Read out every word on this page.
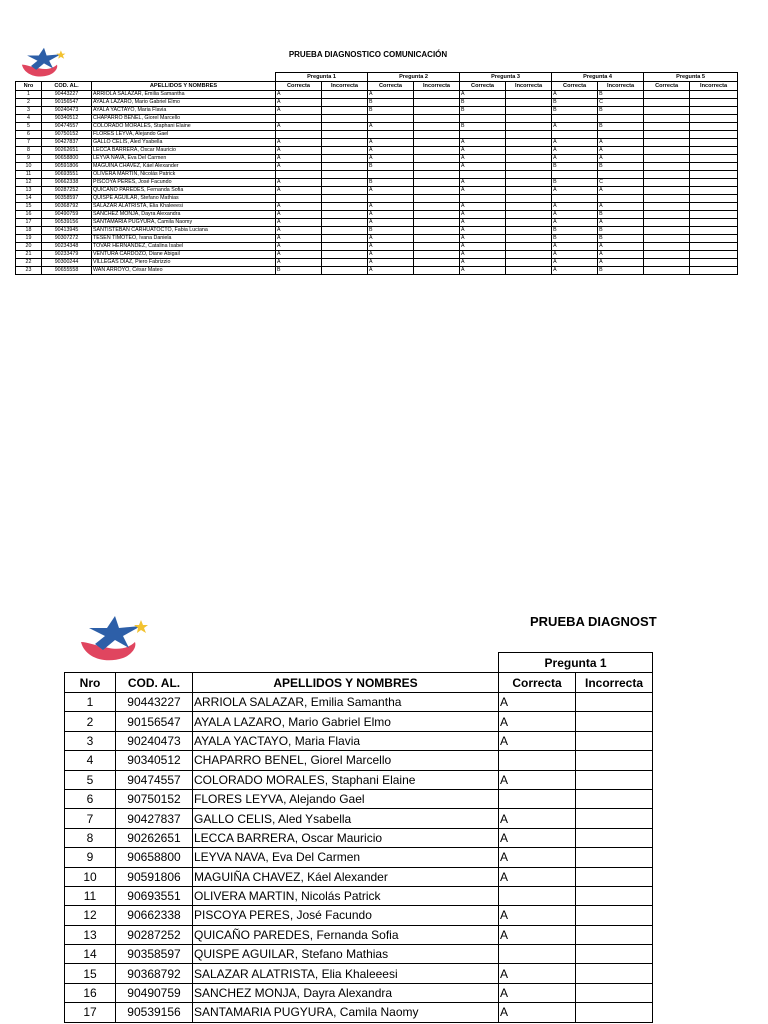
PRUEBA DIAGNOSTICO COMUNICACIÓN
			Pregunta 1		Pregunta 2		Pregunta 3		Pregunta 4		Pregunta 5	
Nro	COD. AL.	APELLIDOS Y NOMBRES	Correcta	Incorrecta	Correcta	Incorrecta	Correcta	Incorrecta	Correcta	Incorrecta	Correcta	Incorrecta
1	90443227	ARRIOLA SALAZAR, Emilia Samantha	A		A		A		A	B		
2	90156547	AYALA LAZARO, Mario Gabriel Elmo	A		B		B		B	C		
3	90240473	AYALA YACTAYO, Maria Flavia	A		B		B		B	B		
4	90340512	CHAPARRO BENEL, Giorel Marcello										
5	90474557	COLORADO MORALES, Staphani Elaine	A		A		B		A	B		
6	90750152	FLORES LEYVA, Alejando Gael										
7	90427837	GALLO CELIS, Aled Ysabella	A		A		A		A	A		
8	90262651	LECCA BARRERA, Oscar Mauricio	A		A		A		A	A		
9	90658800	LEYVA NAVA, Eva Del Carmen	A		A		A		A	A		
10	90591806	MAGUIÑA CHAVEZ, Káel Alexander	A		B		A		B	B		
11	90693551	OLIVERA MARTIN, Nicolás Patrick										
12	90662338	PISCOYA PERES, José Facundo	A		B		A		B	C		
13	90287252	QUICAÑO PAREDES, Fernanda Sofia	A		A		A		A	A		
14	90358597	QUISPE AGUILAR, Stefano Mathias										
15	90368792	SALAZAR ALATRISTA, Elia Khaleeesi	A		A		A		A	A		
16	90490759	SANCHEZ MONJA, Dayra Alexandra	A		A		A		A	B		
17	90539156	SANTAMARIA PUGYURA, Camila Naomy	A		A		A		A	A		
18	90413945	SANTISTEBAN CARHUATOCTO, Fabia Luciana	A		B		A		B	B		
19	90307272	TESEN TIMOTEO, Ivana Daniela	A		A		A		B	B		
20	90234348	TOVAR HERNANDEZ, Catalina Isabel	A		A		A		A	A		
21	90233479	VENTURA CARDOZO, Diane Abigail	A		A		A		A	A		
22	90300244	VILLEGAS DIAZ, Piero Fabrizzio	A		A		A		A	A		
23	90655558	WAN ARROYO, César Mateo	B		A		A		A	B		
PRUEBA DIAGNOST
			Pregunta 1	
Nro	COD. AL.	APELLIDOS Y NOMBRES	Correcta	Incorrecta
1	90443227	ARRIOLA SALAZAR, Emilia Samantha	A	
2	90156547	AYALA LAZARO, Mario Gabriel Elmo	A	
3	90240473	AYALA YACTAYO, Maria Flavia	A	
4	90340512	CHAPARRO BENEL, Giorel Marcello		
5	90474557	COLORADO MORALES, Staphani Elaine	A	
6	90750152	FLORES LEYVA, Alejando Gael		
7	90427837	GALLO CELIS, Aled Ysabella	A	
8	90262651	LECCA BARRERA, Oscar Mauricio	A	
9	90658800	LEYVA NAVA, Eva Del Carmen	A	
10	90591806	MAGUIÑA CHAVEZ, Káel Alexander	A	
11	90693551	OLIVERA MARTIN, Nicolás Patrick		
12	90662338	PISCOYA PERES, José Facundo	A	
13	90287252	QUICAÑO PAREDES, Fernanda Sofia	A	
14	90358597	QUISPE AGUILAR, Stefano Mathias		
15	90368792	SALAZAR ALATRISTA, Elia Khaleeesi	A	
16	90490759	SANCHEZ MONJA, Dayra Alexandra	A	
17	90539156	SANTAMARIA PUGYURA, Camila Naomy	A	
